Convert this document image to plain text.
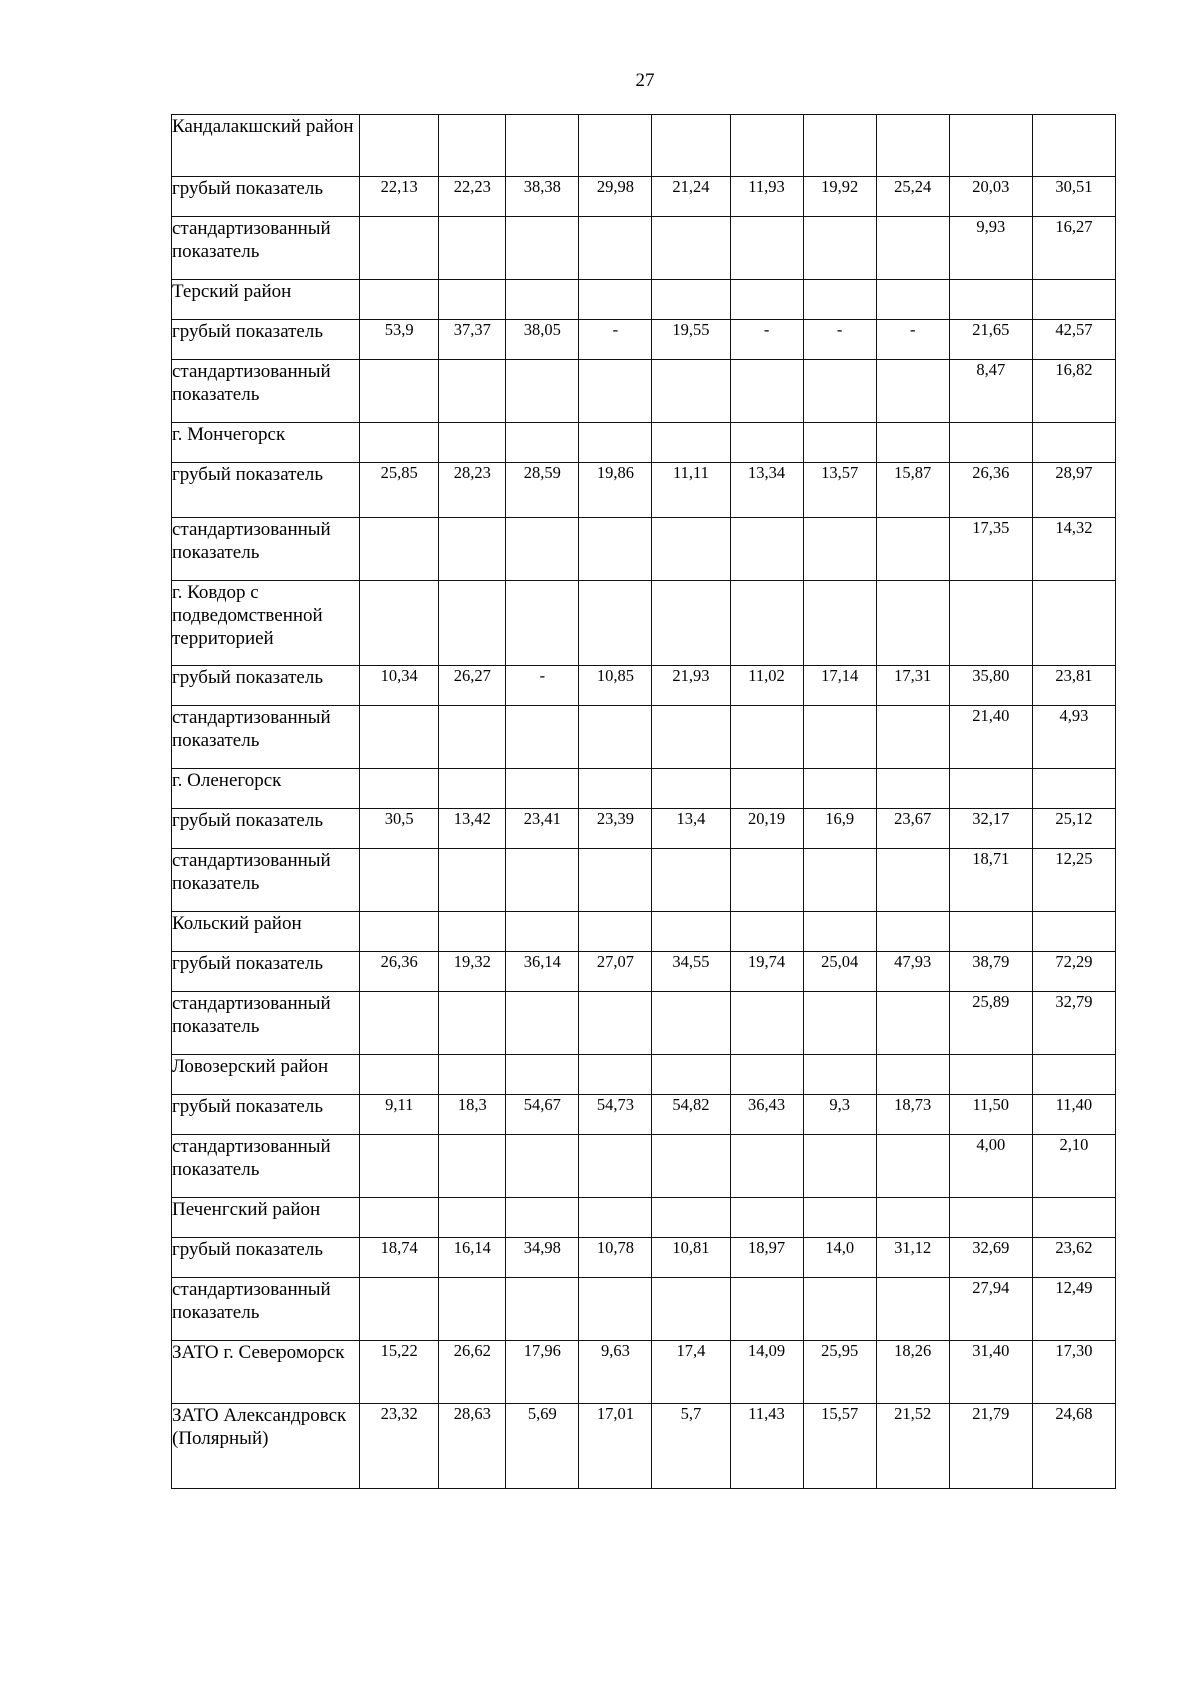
27
Кандалакшский район										
грубый показатель	22,13	22,23	38,38	29,98	21,24	11,93	19,92	25,24	20,03	30,51
стандартизованный показатель									9,93	16,27
Терский район										
грубый показатель	53,9	37,37	38,05	-	19,55	-	-	-	21,65	42,57
стандартизованный показатель									8,47	16,82
г. Мончегорск										
грубый показатель	25,85	28,23	28,59	19,86	11,11	13,34	13,57	15,87	26,36	28,97
стандартизованный показатель									17,35	14,32
г. Ковдор с подведомственной территорией										
грубый показатель	10,34	26,27	-	10,85	21,93	11,02	17,14	17,31	35,80	23,81
стандартизованный показатель									21,40	4,93
г. Оленегорск										
грубый показатель	30,5	13,42	23,41	23,39	13,4	20,19	16,9	23,67	32,17	25,12
стандартизованный показатель									18,71	12,25
Кольский район										
грубый показатель	26,36	19,32	36,14	27,07	34,55	19,74	25,04	47,93	38,79	72,29
стандартизованный показатель									25,89	32,79
Ловозерский район										
грубый показатель	9,11	18,3	54,67	54,73	54,82	36,43	9,3	18,73	11,50	11,40
стандартизованный показатель									4,00	2,10
Печенгский район										
грубый показатель	18,74	16,14	34,98	10,78	10,81	18,97	14,0	31,12	32,69	23,62
стандартизованный показатель									27,94	12,49
ЗАТО г. Североморск	15,22	26,62	17,96	9,63	17,4	14,09	25,95	18,26	31,40	17,30
ЗАТО Александровск (Полярный)	23,32	28,63	5,69	17,01	5,7	11,43	15,57	21,52	21,79	24,68
